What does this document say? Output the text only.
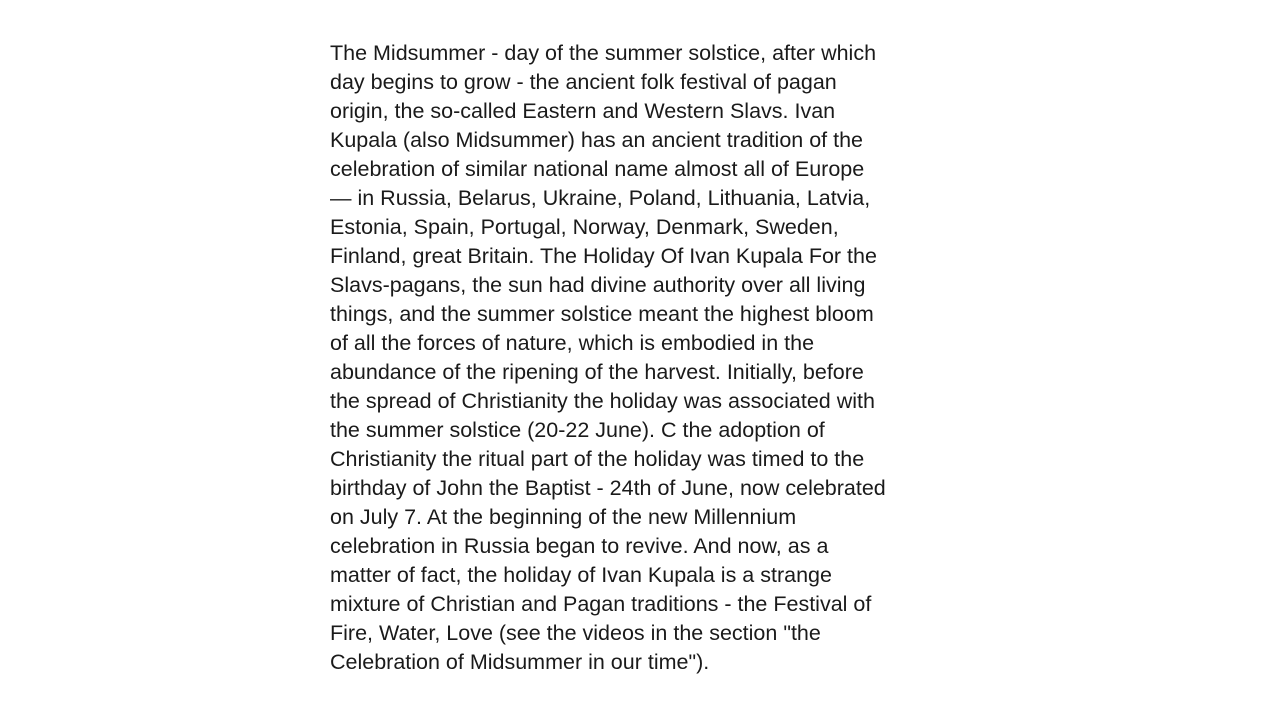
The Midsummer - day of the summer solstice, after which
day begins to grow - the ancient folk festival of pagan
origin, the so-called Eastern and Western Slavs. Ivan
Kupala (also Midsummer) has an ancient tradition of the
celebration of similar national name almost all of Europe
— in Russia, Belarus, Ukraine, Poland, Lithuania, Latvia,
Estonia, Spain, Portugal, Norway, Denmark, Sweden,
Finland, great Britain. The Holiday Of Ivan Kupala For the
Slavs-pagans, the sun had divine authority over all living
things, and the summer solstice meant the highest bloom
of all the forces of nature, which is embodied in the
abundance of the ripening of the harvest. Initially, before
the spread of Christianity the holiday was associated with
the summer solstice (20-22 June). C the adoption of
Christianity the ritual part of the holiday was timed to the
birthday of John the Baptist - 24th of June, now celebrated
on July 7. At the beginning of the new Millennium
celebration in Russia began to revive. And now, as a
matter of fact, the holiday of Ivan Kupala is a strange
mixture of Christian and Pagan traditions - the Festival of
Fire, Water, Love (see the videos in the section "the
Celebration of Midsummer in our time").
